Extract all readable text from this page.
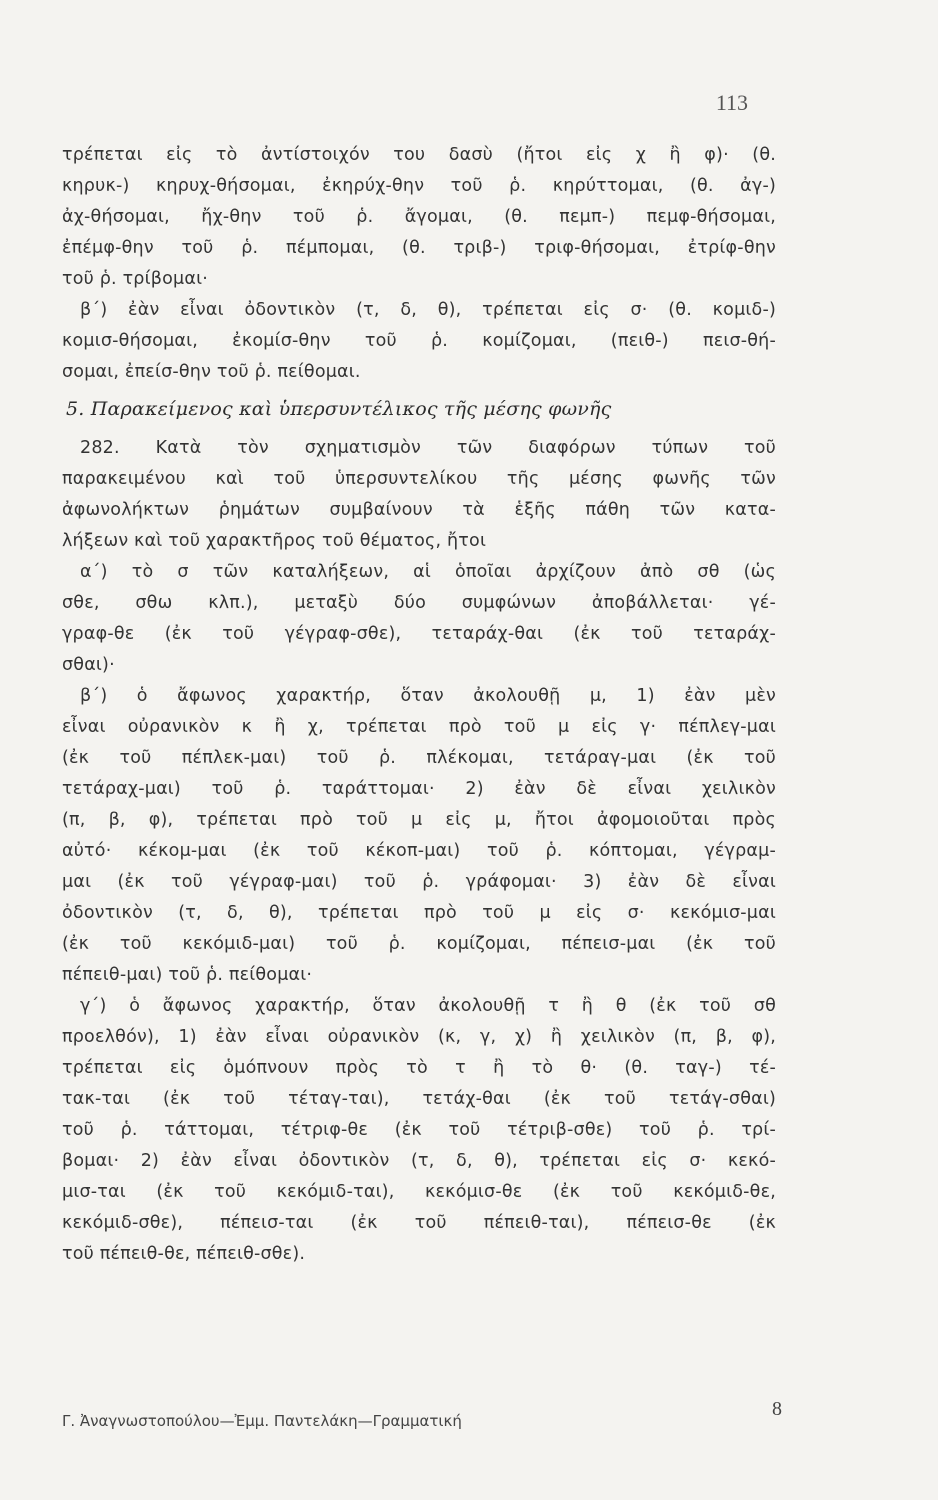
113
τρέπεται εἰς τὸ ἀντίστοιχόν του δασὺ (ἤτοι εἰς χ ἢ φ)· (θ.
κηρυκ-) κηρυχ-θήσομαι, ἐκηρύχ-θην τοῦ ῥ. κηρύττομαι, (θ. ἀγ-)
ἀχ-θήσομαι, ἤχ-θην τοῦ ῥ. ἄγομαι, (θ. πεμπ-) πεμφ-θήσομαι,
ἐπέμφ-θην τοῦ ῥ. πέμπομαι, (θ. τριβ-) τριφ-θήσομαι, ἐτρίφ-θην
τοῦ ῥ. τρίβομαι·
β΄) ἐὰν εἶναι ὀδοντικὸν (τ, δ, θ), τρέπεται εἰς σ· (θ. κομιδ-)
κομισ-θήσομαι, ἐκομίσ-θην τοῦ ῥ. κομίζομαι, (πειθ-) πεισ-θή-
σομαι, ἐπείσ-θην τοῦ ῥ. πείθομαι.
5. Παρακείμενος καὶ ὑπερσυντέλικος τῆς μέσης φωνῆς
282. Κατὰ τὸν σχηματισμὸν τῶν διαφόρων τύπων τοῦ
παρακειμένου καὶ τοῦ ὑπερσυντελίκου τῆς μέσης φωνῆς τῶν
ἀφωνολήκτων ῥημάτων συμβαίνουν τὰ ἑξῆς πάθη τῶν κατα-
λήξεων καὶ τοῦ χαρακτῆρος τοῦ θέματος, ἤτοι
α΄) τὸ σ τῶν καταλήξεων, αἱ ὁποῖαι ἀρχίζουν ἀπὸ σθ (ὡς
σθε, σθω κλπ.), μεταξὺ δύο συμφώνων ἀποβάλλεται· γέ-
γραφ-θε (ἐκ τοῦ γέγραφ-σθε), τεταράχ-θαι (ἐκ τοῦ τεταράχ-
σθαι)·
β΄) ὁ ἄφωνος χαρακτήρ, ὅταν ἀκολουθῇ μ, 1) ἐὰν μὲν
εἶναι οὐρανικὸν κ ἢ χ, τρέπεται πρὸ τοῦ μ εἰς γ· πέπλεγ-μαι
(ἐκ τοῦ πέπλεκ-μαι) τοῦ ῥ. πλέκομαι, τετάραγ-μαι (ἐκ τοῦ
τετάραχ-μαι) τοῦ ῥ. ταράττομαι· 2) ἐὰν δὲ εἶναι χειλικὸν
(π, β, φ), τρέπεται πρὸ τοῦ μ εἰς μ, ἤτοι ἀφομοιοῦται πρὸς
αὐτό· κέκομ-μαι (ἐκ τοῦ κέκοπ-μαι) τοῦ ῥ. κόπτομαι, γέγραμ-
μαι (ἐκ τοῦ γέγραφ-μαι) τοῦ ῥ. γράφομαι· 3) ἐὰν δὲ εἶναι
ὀδοντικὸν (τ, δ, θ), τρέπεται πρὸ τοῦ μ εἰς σ· κεκόμισ-μαι
(ἐκ τοῦ κεκόμιδ-μαι) τοῦ ῥ. κομίζομαι, πέπεισ-μαι (ἐκ τοῦ
πέπειθ-μαι) τοῦ ῥ. πείθομαι·
γ΄) ὁ ἄφωνος χαρακτήρ, ὅταν ἀκολουθῇ τ ἢ θ (ἐκ τοῦ σθ
προελθόν), 1) ἐὰν εἶναι οὐρανικὸν (κ, γ, χ) ἢ χειλικὸν (π, β, φ),
τρέπεται εἰς ὁμόπνουν πρὸς τὸ τ ἢ τὸ θ· (θ. ταγ-) τέ-
τακ-ται (ἐκ τοῦ τέταγ-ται), τετάχ-θαι (ἐκ τοῦ τετάγ-σθαι)
τοῦ ῥ. τάττομαι, τέτριφ-θε (ἐκ τοῦ τέτριβ-σθε) τοῦ ῥ. τρί-
βομαι· 2) ἐὰν εἶναι ὀδοντικὸν (τ, δ, θ), τρέπεται εἰς σ· κεκό-
μισ-ται (ἐκ τοῦ κεκόμιδ-ται), κεκόμισ-θε (ἐκ τοῦ κεκόμιδ-θε,
κεκόμιδ-σθε), πέπεισ-ται (ἐκ τοῦ πέπειθ-ται), πέπεισ-θε (ἐκ
τοῦ πέπειθ-θε, πέπειθ-σθε).
Γ. Ἀναγνωστοπούλου—Ἐμμ. Παντελάκη—Γραμματική
8
